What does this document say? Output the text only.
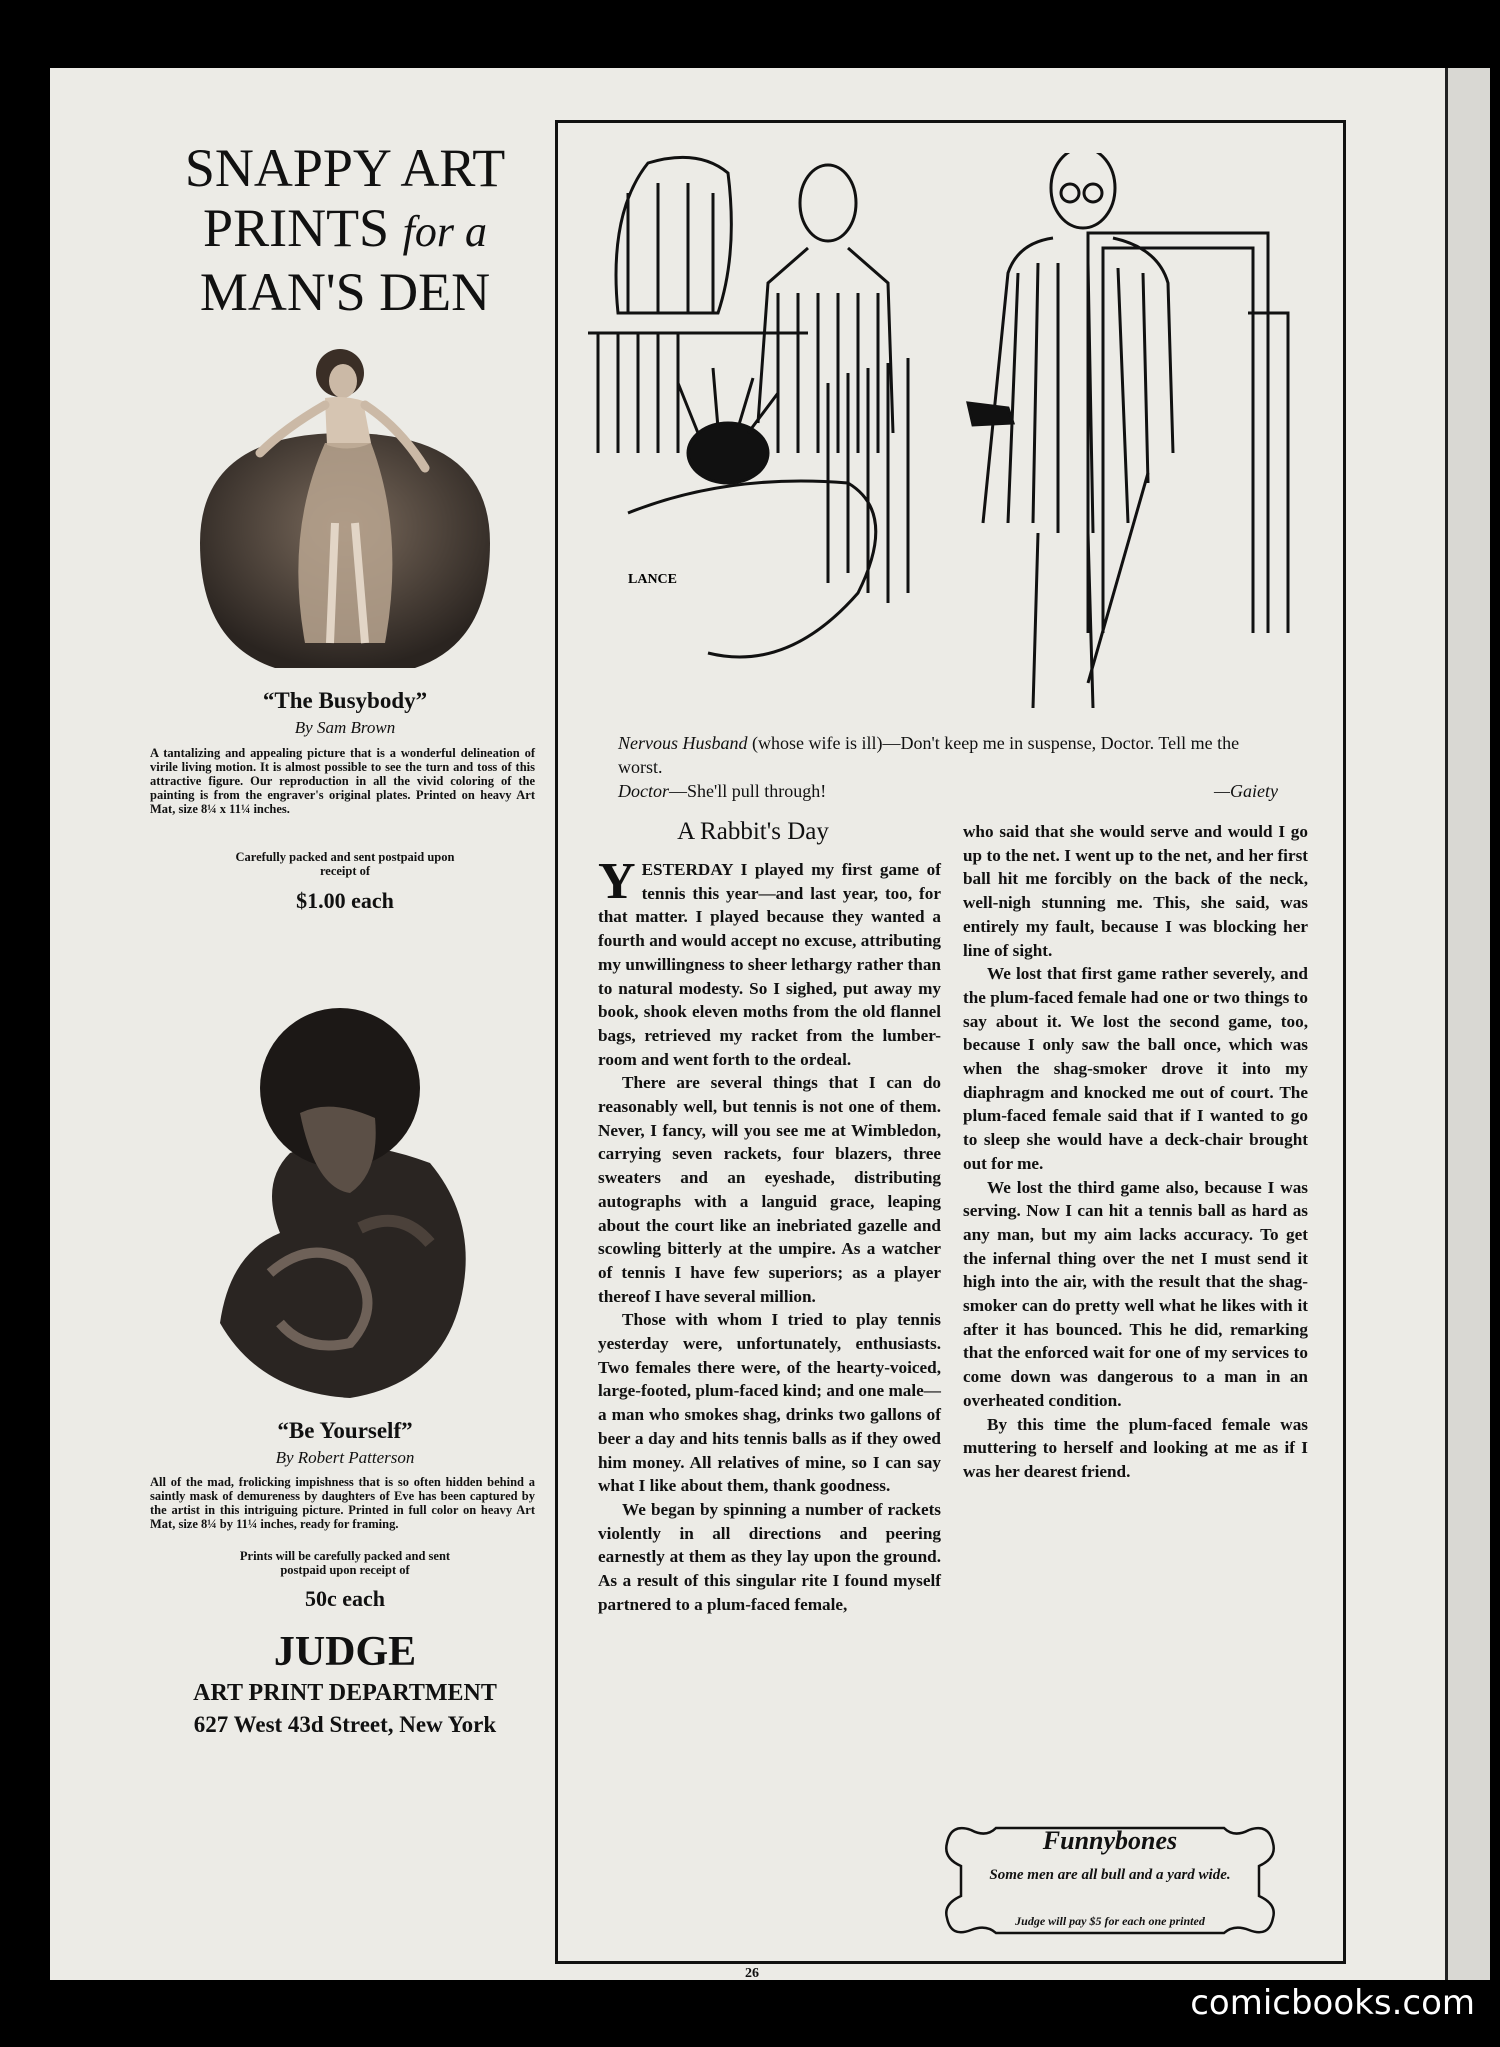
SNAPPY ART

PRINTS for a

MAN'S DEN

“The Busybody”
By Sam Brown
A tantalizing and appealing picture that is a wonderful delineation of virile living motion. It is almost possible to see the turn and toss of this attractive figure. Our reproduction in all the vivid coloring of the painting is from the engraver's original plates. Printed on heavy Art Mat, size 8¼ x 11¼ inches.
Carefully packed and sent postpaid upon receipt of
$1.00 each
“Be Yourself”
By Robert Patterson
All of the mad, frolicking impishness that is so often hidden behind a saintly mask of demureness by daughters of Eve has been captured by the artist in this intriguing picture. Printed in full color on heavy Art Mat, size 8¼ by 11¼ inches, ready for framing.
Prints will be carefully packed and sent postpaid upon receipt of
50c each
JUDGE
ART PRINT DEPARTMENT
627 West 43d Street, New York
LANCE
Nervous Husband (whose wife is ill)—Don't keep me in suspense, Doctor. Tell me the worst.
Doctor—She'll pull through!	—Gaiety
A Rabbit's Day

YESTERDAY I played my first game of tennis this year—and last year, too, for that matter. I played because they wanted a fourth and would accept no excuse, attributing my unwillingness to sheer lethargy rather than to natural modesty. So I sighed, put away my book, shook eleven moths from the old flannel bags, retrieved my racket from the lumber-room and went forth to the ordeal.

There are several things that I can do reasonably well, but tennis is not one of them. Never, I fancy, will you see me at Wimbledon, carrying seven rackets, four blazers, three sweaters and an eyeshade, distributing autographs with a languid grace, leaping about the court like an inebriated gazelle and scowling bitterly at the umpire. As a watcher of tennis I have few superiors; as a player thereof I have several million.

Those with whom I tried to play tennis yesterday were, unfortunately, enthusiasts. Two females there were, of the hearty-voiced, large-footed, plum-faced kind; and one male—a man who smokes shag, drinks two gallons of beer a day and hits tennis balls as if they owed him money. All relatives of mine, so I can say what I like about them, thank goodness.

We began by spinning a number of rackets violently in all directions and peering earnestly at them as they lay upon the ground. As a result of this singular rite I found myself partnered to a plum-faced female,

who said that she would serve and would I go up to the net. I went up to the net, and her first ball hit me forcibly on the back of the neck, well-nigh stunning me. This, she said, was entirely my fault, because I was blocking her line of sight.

We lost that first game rather severely, and the plum-faced female had one or two things to say about it. We lost the second game, too, because I only saw the ball once, which was when the shag-smoker drove it into my diaphragm and knocked me out of court. The plum-faced female said that if I wanted to go to sleep she would have a deck-chair brought out for me.

We lost the third game also, because I was serving. Now I can hit a tennis ball as hard as any man, but my aim lacks accuracy. To get the infernal thing over the net I must send it high into the air, with the result that the shag-smoker can do pretty well what he likes with it after it has bounced. This he did, remarking that the enforced wait for one of my services to come down was dangerous to a man in an overheated condition.

By this time the plum-faced female was muttering to herself and looking at me as if I was her dearest friend.

Funnybones
Some men are all bull and a yard wide.
Judge will pay $5 for each one printed
26
comicbooks.com
